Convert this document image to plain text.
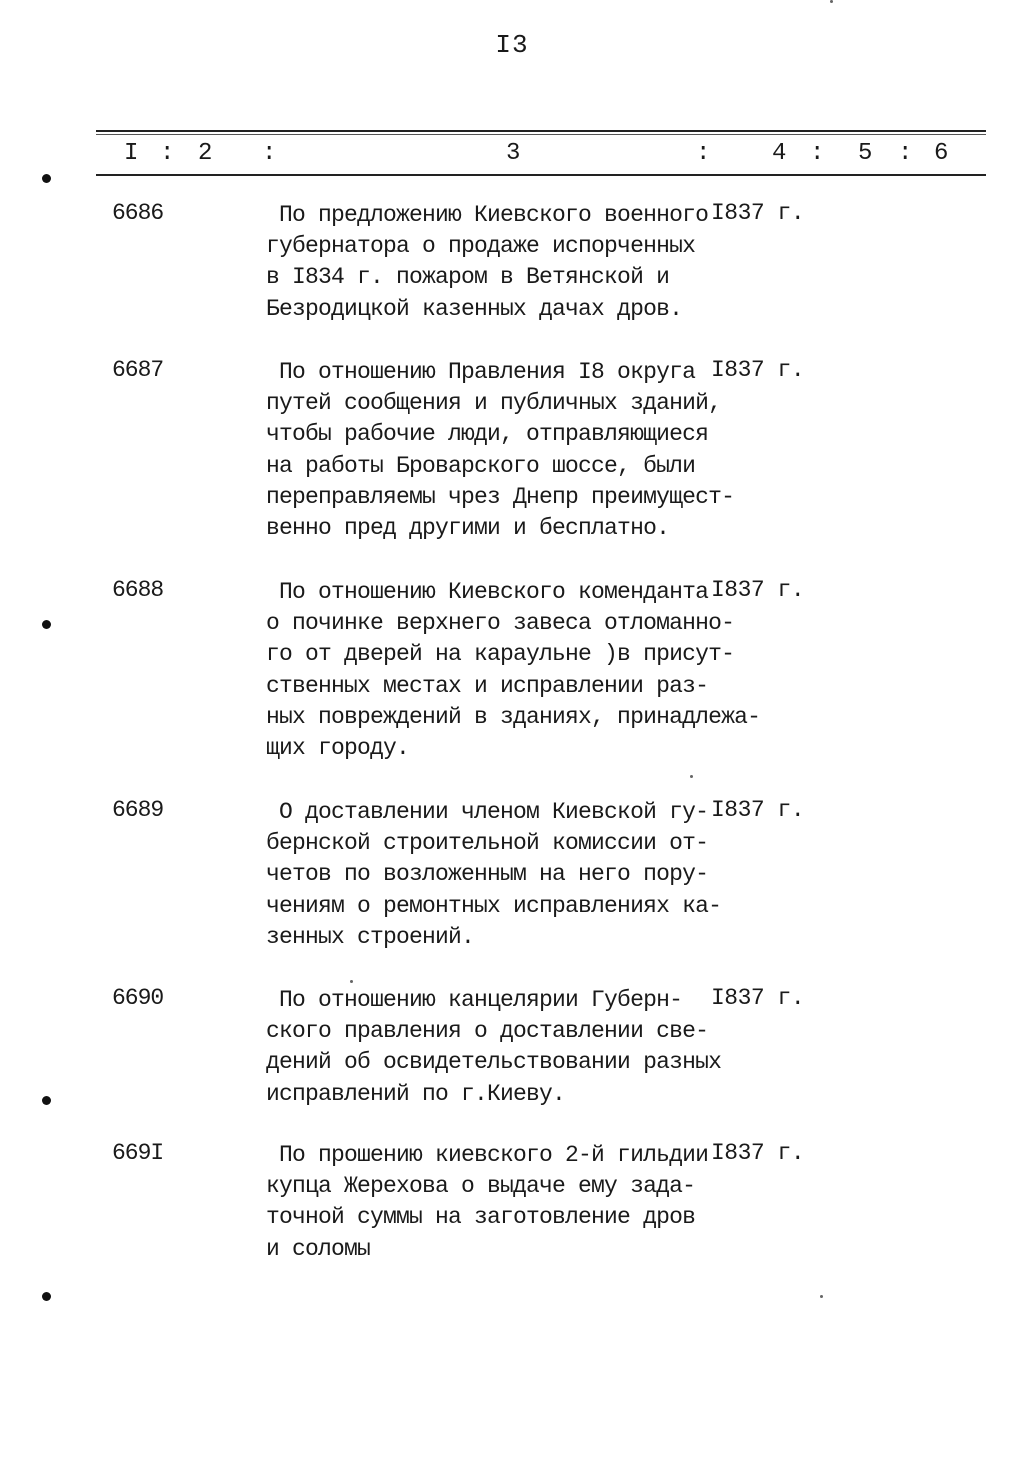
I3
I : 2 :	3	:	4 : 5 : 6
6686	По предложению Киевского военного
губернатора о продаже испорченных
в I834 г. пожаром в Ветянской и
Безродицкой казенных дачах дров.
I837 г.
6687	По отношению Правления I8 округа
путей сообщения и публичных зданий,
чтобы рабочие люди, отправляющиеся
на работы Броварского шоссе, были
переправляемы чрез Днепр преимущест-
венно пред другими и бесплатно.
I837 г.
6688	По отношению Киевского коменданта
о починке верхнего завеса отломанно-
го от дверей на караульне )в присут-
ственных местах и исправлении раз-
ных повреждений в зданиях, принадлежа-
щих городу.
I837 г.
6689	О доставлении членом Киевской гу-
бернской строительной комиссии от-
четов по возложенным на него пору-
чениям о ремонтных исправлениях ка-
зенных строений.
I837 г.
6690	По отношению канцелярии Губерн-
ского правления о доставлении све-
дений об освидетельствовании разных
исправлений по г.Киеву.
I837 г.
669I	По прошению киевского 2-й гильдии
купца Жерехова о выдаче ему зада-
точной суммы на заготовление дров
и соломы
I837 г.
